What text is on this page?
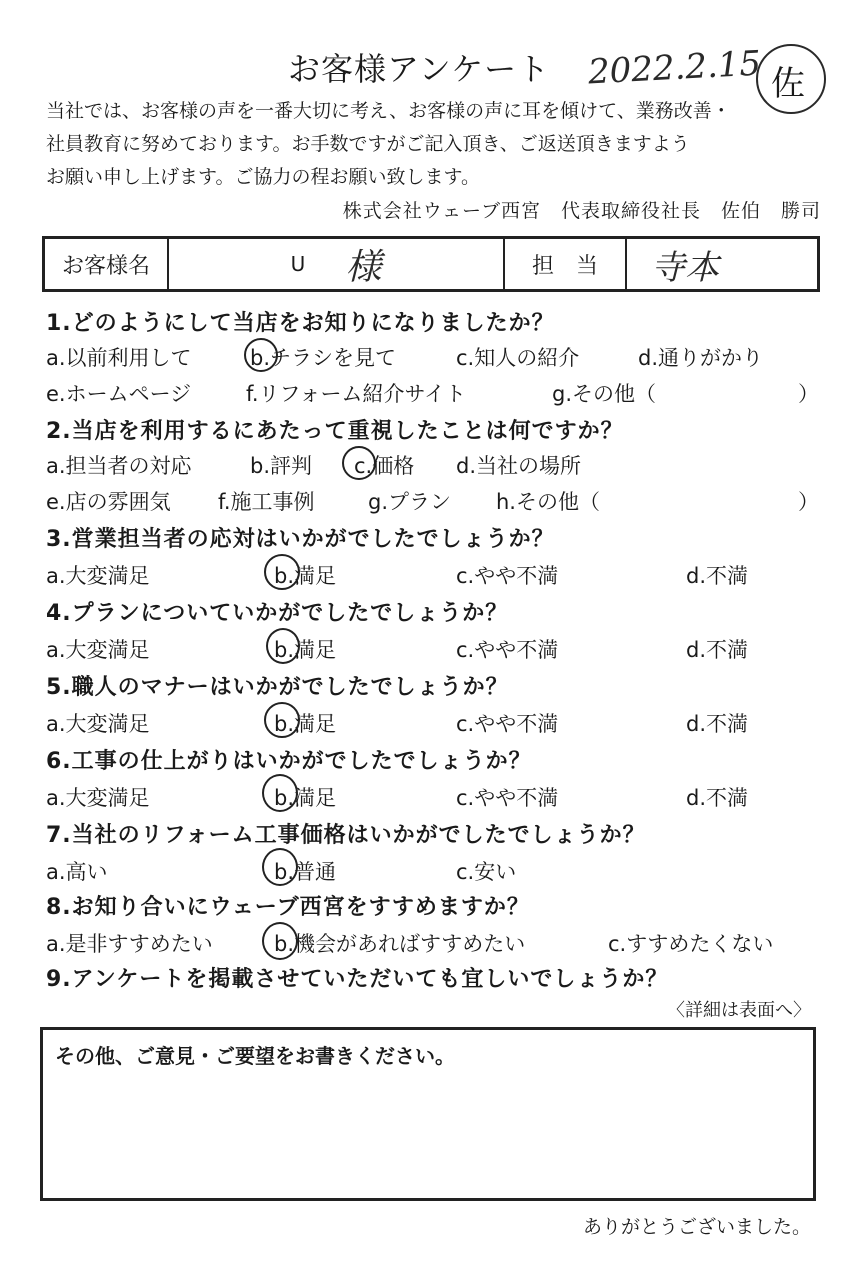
お客様アンケート 2022.2.15 佐
当社では、お客様の声を一番大切に考え、お客様の声に耳を傾けて、業務改善・
社員教育に努めております。お手数ですがご記入頂き、ご返送頂きますよう
お願い申し上げます。ご協力の程お願い致します。
株式会社ウェーブ西宮　代表取締役社長　佐伯　勝司
お客様名	U 様	担　当 寺本
1.どのようにして当店をお知りになりましたか？
a.以前利用して	b.チラシを見て	c.知人の紹介	d.通りがかり
e.ホームページ	f.リフォーム紹介サイト	g.その他（	）
2.当店を利用するにあたって重視したことは何ですか？
a.担当者の対応	b.評判 c.価格 d.当社の場所
e.店の雰囲気 f.施工事例	g.プラン h.その他（	）
3.営業担当者の応対はいかがでしたでしょうか？
a.大変満足	b.満足	c.やや不満	d.不満
4.プランについていかがでしたでしょうか？
a.大変満足	b.満足	c.やや不満	d.不満
5.職人のマナーはいかがでしたでしょうか？
a.大変満足	b.満足	c.やや不満	d.不満
6.工事の仕上がりはいかがでしたでしょうか？
a.大変満足	b.満足	c.やや不満	d.不満
7.当社のリフォーム工事価格はいかがでしたでしょうか？
a.高い	b.普通	c.安い
8.お知り合いにウェーブ西宮をすすめますか？
a.是非すすめたい	b.機会があればすすめたい	c.すすめたくない
9.アンケートを掲載させていただいても宜しいでしょうか？
〈詳細は表面へ〉
その他、ご意見・ご要望をお書きください。
ありがとうございました。
